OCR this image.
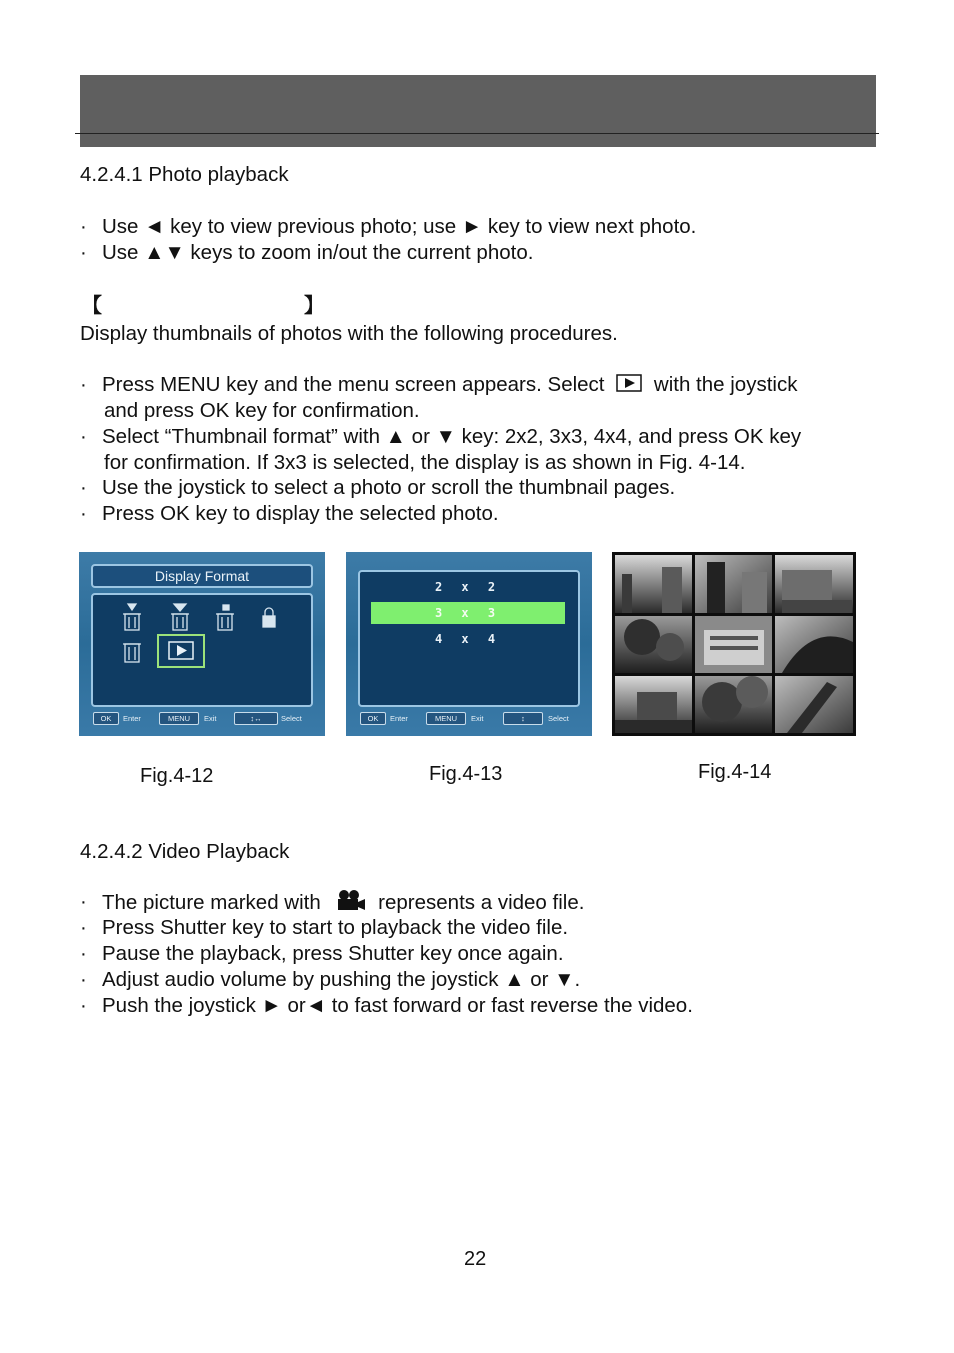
4.2.4.1 Photo playback
· Use ◄ key to view previous photo; use ► key to view next photo.
· Use ▲▼ keys to zoom in/out the current photo.
【	】
Display thumbnails of photos with the following procedures.
· Press MENU key and the menu screen appears. Select with the joystick
and press OK key for confirmation.
· Select “Thumbnail format” with ▲ or ▼ key: 2x2, 3x3, 4x4, and press OK key
for confirmation. If 3x3 is selected, the display is as shown in Fig. 4-14.
· Use the joystick to select a photo or scroll the thumbnail pages.
· Press OK key to display the selected photo.
Display Format
OK	Enter	MENU	Exit	↕↔	Select
Fig.4-12
2 x 2
3 x 3
4 x 4
OK	Enter	MENU	Exit	↕	Select
Fig.4-13	Fig.4-14
4.2.4.2 Video Playback
· The picture marked with	represents a video file.
· Press Shutter key to start to playback the video file.
· Pause the playback, press Shutter key once again.
· Adjust audio volume by pushing the joystick ▲ or ▼.
· Push the joystick ► or◄ to fast forward or fast reverse the video.
22
